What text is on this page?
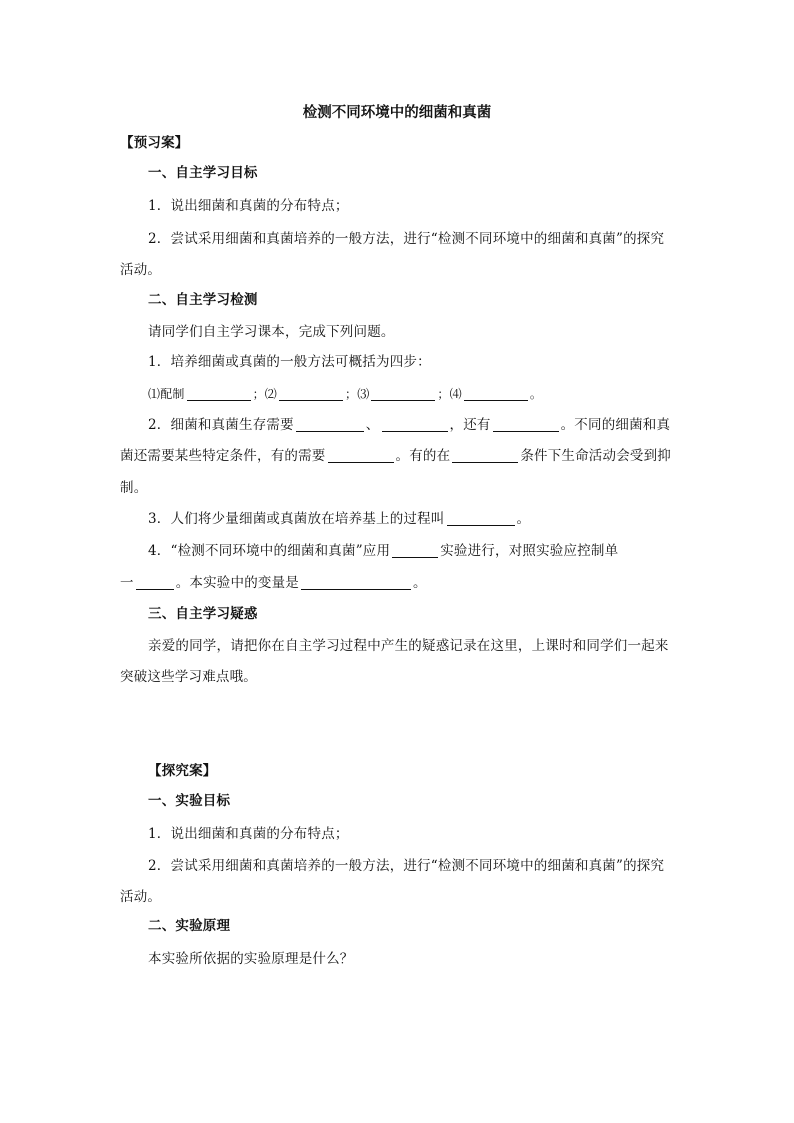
检测不同环境中的细菌和真菌
【预习案】
一、自主学习目标
1．说出细菌和真菌的分布特点；
2．尝试采用细菌和真菌培养的一般方法，进行“检测不同环境中的细菌和真菌”的探究
活动。
二、自主学习检测
请同学们自主学习课本，完成下列问题。
1．培养细菌或真菌的一般方法可概括为四步：
⑴配制	；⑵	；⑶	；⑷	。
2．细菌和真菌生存需要	、	，还有	。不同的细菌和真
菌还需要某些特定条件，有的需要	。有的在	条件下生命活动会受到抑
制。
3．人们将少量细菌或真菌放在培养基上的过程叫	。
4．“检测不同环境中的细菌和真菌”应用	实验进行，对照实验应控制单
一	。本实验中的变量是	。
三、自主学习疑惑
亲爱的同学，请把你在自主学习过程中产生的疑惑记录在这里，上课时和同学们一起来
突破这些学习难点哦。
【探究案】
一、实验目标
1．说出细菌和真菌的分布特点；
2．尝试采用细菌和真菌培养的一般方法，进行“检测不同环境中的细菌和真菌”的探究
活动。
二、实验原理
本实验所依据的实验原理是什么？
